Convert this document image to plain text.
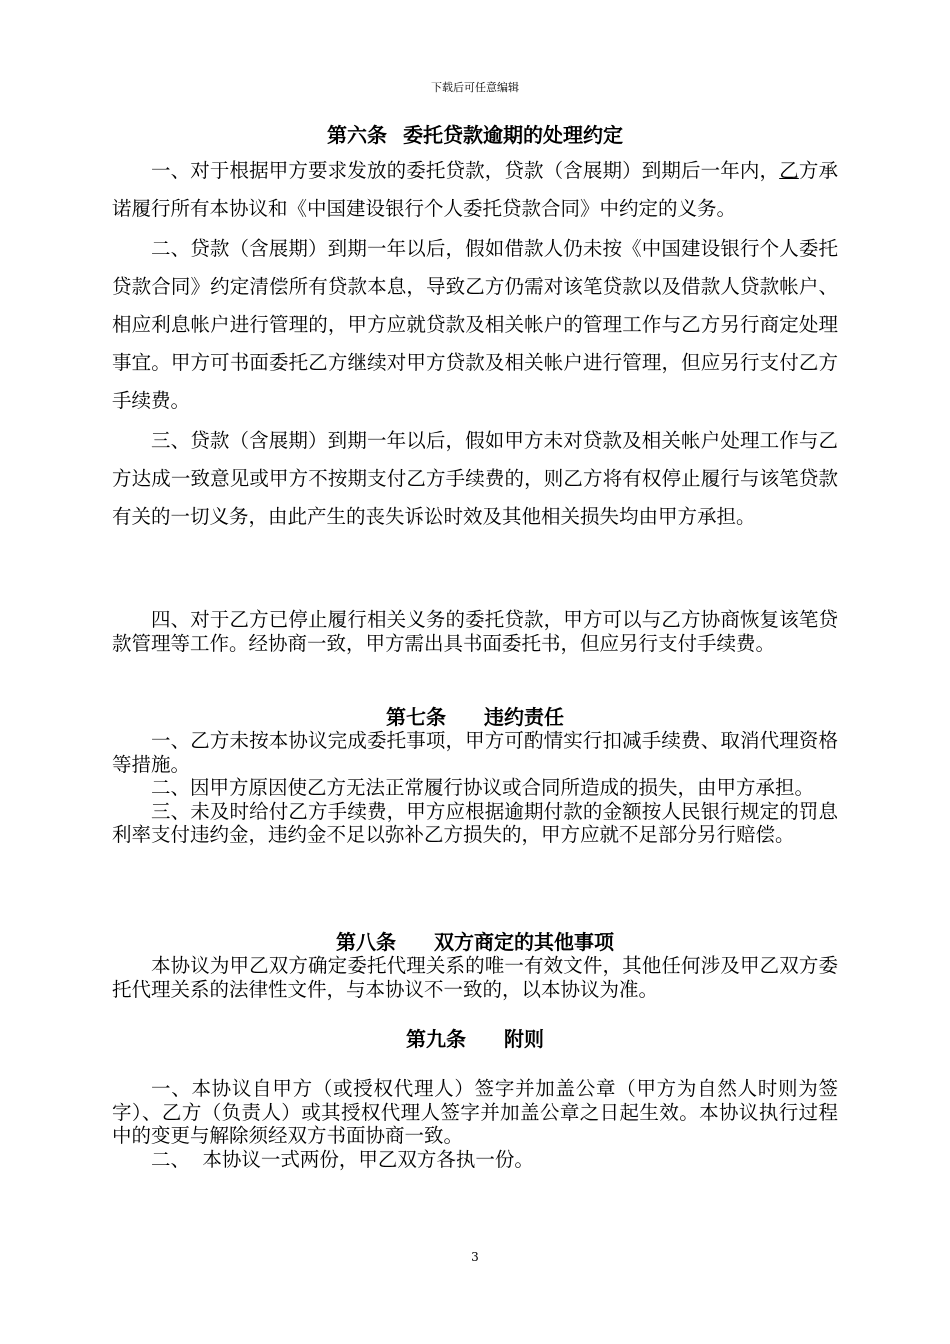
下载后可任意编辑

第六条 委托贷款逾期的处理约定

一、对于根据甲方要求发放的委托贷款，贷款（含展期）到期后一年内，乙方承诺履行所有本协议和《中国建设银行个人委托贷款合同》中约定的义务。

二、贷款（含展期）到期一年以后，假如借款人仍未按《中国建设银行个人委托贷款合同》约定清偿所有贷款本息，导致乙方仍需对该笔贷款以及借款人贷款帐户、相应利息帐户进行管理的，甲方应就贷款及相关帐户的管理工作与乙方另行商定处理事宜。甲方可书面委托乙方继续对甲方贷款及相关帐户进行管理，但应另行支付乙方手续费。

三、贷款（含展期）到期一年以后，假如甲方未对贷款及相关帐户处理工作与乙方达成一致意见或甲方不按期支付乙方手续费的，则乙方将有权停止履行与该笔贷款有关的一切义务，由此产生的丧失诉讼时效及其他相关损失均由甲方承担。

四、对于乙方已停止履行相关义务的委托贷款，甲方可以与乙方协商恢复该笔贷款管理等工作。经协商一致，甲方需出具书面委托书，但应另行支付手续费。

第七条 违约责任

一、乙方未按本协议完成委托事项，甲方可酌情实行扣减手续费、取消代理资格等措施。

二、因甲方原因使乙方无法正常履行协议或合同所造成的损失，由甲方承担。

三、未及时给付乙方手续费，甲方应根据逾期付款的金额按人民银行规定的罚息利率支付违约金，违约金不足以弥补乙方损失的，甲方应就不足部分另行赔偿。

第八条 双方商定的其他事项

本协议为甲乙双方确定委托代理关系的唯一有效文件，其他任何涉及甲乙双方委托代理关系的法律性文件，与本协议不一致的，以本协议为准。

第九条 附则

一、本协议自甲方（或授权代理人）签字并加盖公章（甲方为自然人时则为签字）、乙方（负责人）或其授权代理人签字并加盖公章之日起生效。本协议执行过程中的变更与解除须经双方书面协商一致。

二、  本协议一式两份，甲乙双方各执一份。

3
